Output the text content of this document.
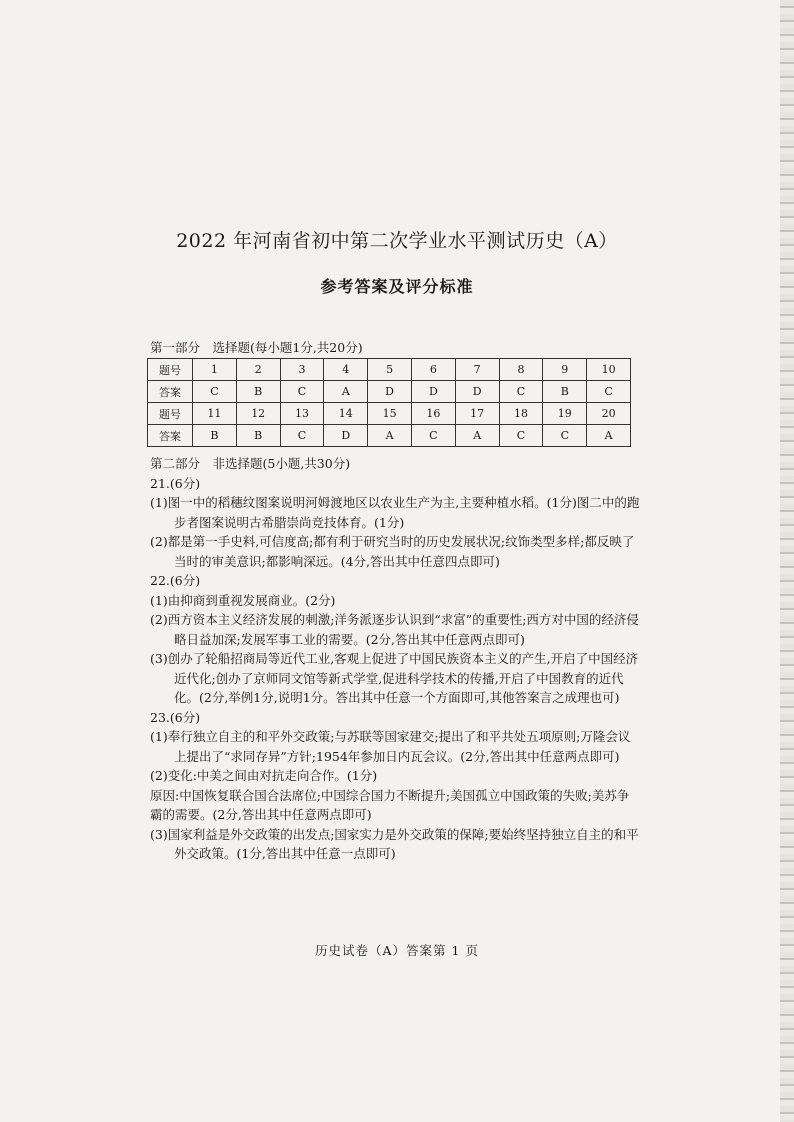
2022 年河南省初中第二次学业水平测试历史（A）
参考答案及评分标准
第一部分　选择题(每小题1分,共20分)
题号	1	2	3	4	5	6	7	8	9	10
答案	C	B	C	A	D	D	D	C	B	C
题号	11	12	13	14	15	16	17	18	19	20
答案	B	B	C	D	A	C	A	C	C	A

第二部分　非选择题(5小题,共30分)

21.(6分)

(1)图一中的稻穗纹图案说明河姆渡地区以农业生产为主,主要种植水稻。(1分)图二中的跑步者图案说明古希腊崇尚竞技体育。(1分)

(2)都是第一手史料,可信度高;都有利于研究当时的历史发展状况;纹饰类型多样;都反映了当时的审美意识;都影响深远。(4分,答出其中任意四点即可)

22.(6分)

(1)由抑商到重视发展商业。(2分)

(2)西方资本主义经济发展的刺激;洋务派逐步认识到“求富”的重要性;西方对中国的经济侵略日益加深;发展军事工业的需要。(2分,答出其中任意两点即可)

(3)创办了轮船招商局等近代工业,客观上促进了中国民族资本主义的产生,开启了中国经济近代化;创办了京师同文馆等新式学堂,促进科学技术的传播,开启了中国教育的近代化。(2分,举例1分,说明1分。答出其中任意一个方面即可,其他答案言之成理也可)

23.(6分)

(1)奉行独立自主的和平外交政策;与苏联等国家建交;提出了和平共处五项原则;万隆会议上提出了“求同存异”方针;1954年参加日内瓦会议。(2分,答出其中任意两点即可)

(2)变化:中美之间由对抗走向合作。(1分)

原因:中国恢复联合国合法席位;中国综合国力不断提升;美国孤立中国政策的失败;美苏争霸的需要。(2分,答出其中任意两点即可)

(3)国家利益是外交政策的出发点;国家实力是外交政策的保障;要始终坚持独立自主的和平外交政策。(1分,答出其中任意一点即可)

历史试卷（A）答案第 1 页
